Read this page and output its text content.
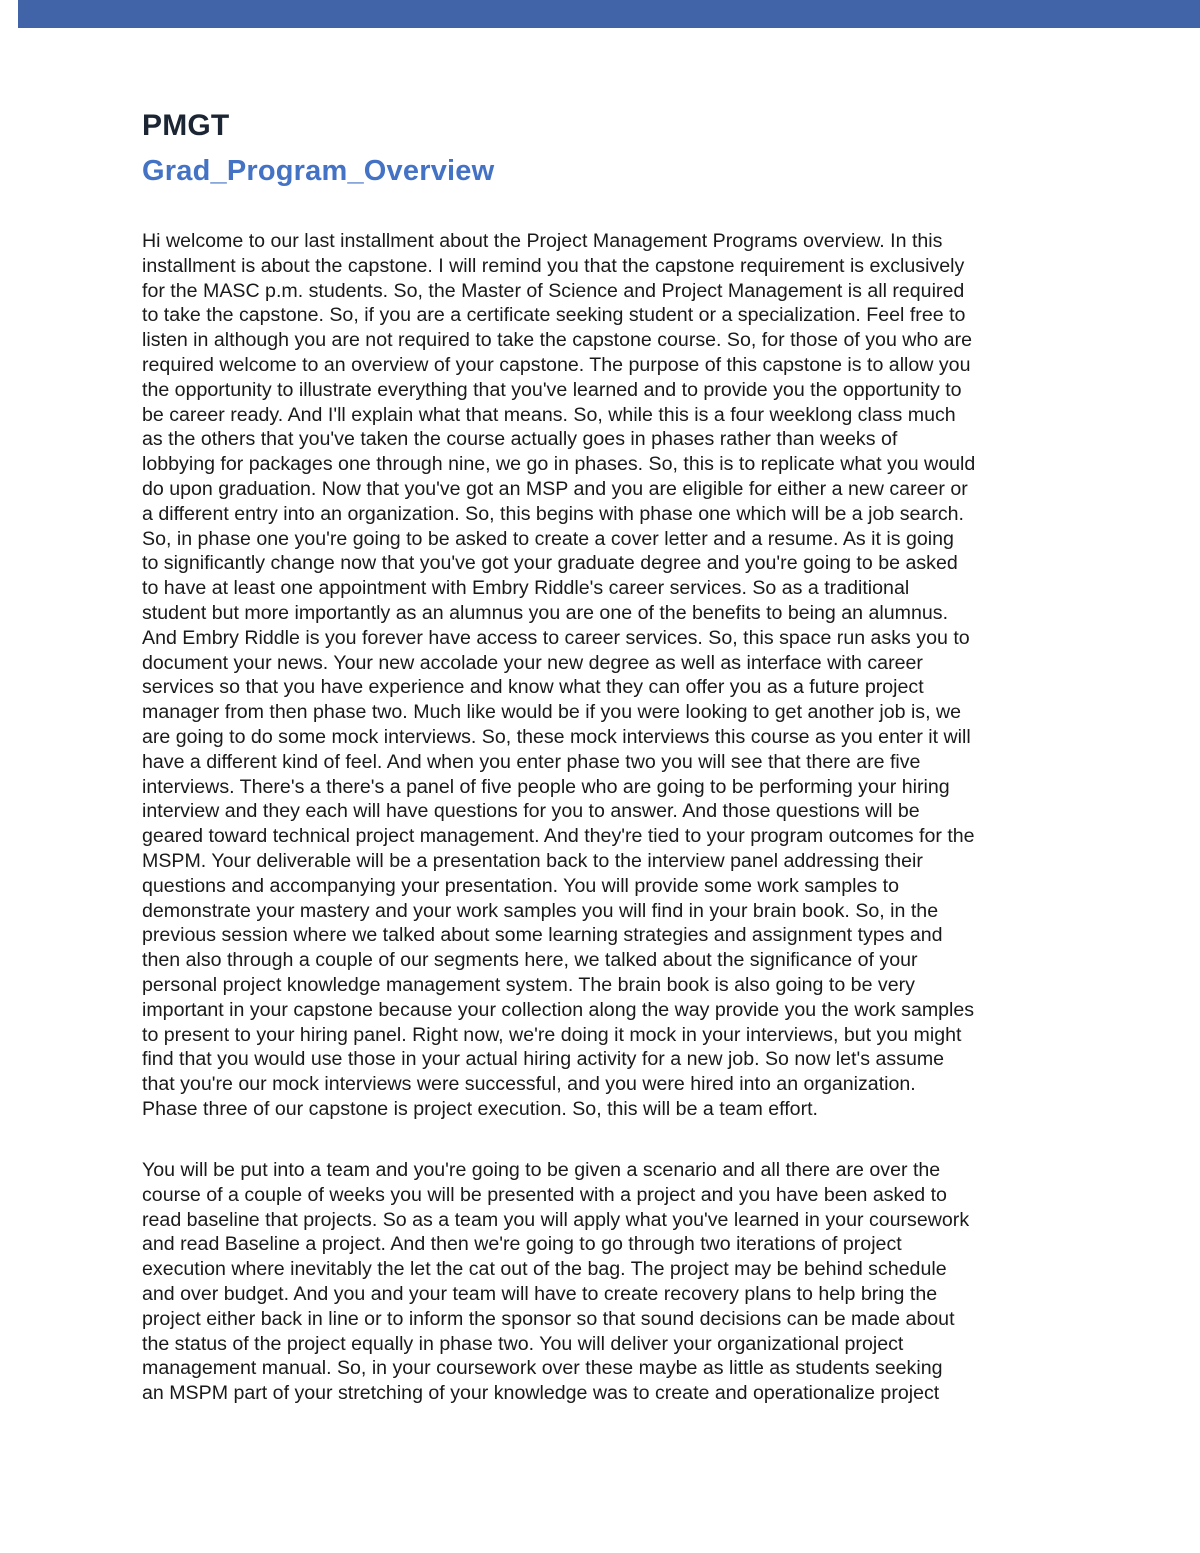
PMGT
Grad_Program_Overview

Hi welcome to our last installment about the Project Management Programs overview. In this
installment is about the capstone. I will remind you that the capstone requirement is exclusively
for the MASC p.m. students. So, the Master of Science and Project Management is all required
to take the capstone. So, if you are a certificate seeking student or a specialization. Feel free to
listen in although you are not required to take the capstone course. So, for those of you who are
required welcome to an overview of your capstone. The purpose of this capstone is to allow you
the opportunity to illustrate everything that you've learned and to provide you the opportunity to
be career ready. And I'll explain what that means. So, while this is a four weeklong class much
as the others that you've taken the course actually goes in phases rather than weeks of
lobbying for packages one through nine, we go in phases. So, this is to replicate what you would
do upon graduation. Now that you've got an MSP and you are eligible for either a new career or
a different entry into an organization. So, this begins with phase one which will be a job search.
So, in phase one you're going to be asked to create a cover letter and a resume. As it is going
to significantly change now that you've got your graduate degree and you're going to be asked
to have at least one appointment with Embry Riddle's career services. So as a traditional
student but more importantly as an alumnus you are one of the benefits to being an alumnus.
And Embry Riddle is you forever have access to career services. So, this space run asks you to
document your news. Your new accolade your new degree as well as interface with career
services so that you have experience and know what they can offer you as a future project
manager from then phase two. Much like would be if you were looking to get another job is, we
are going to do some mock interviews. So, these mock interviews this course as you enter it will
have a different kind of feel. And when you enter phase two you will see that there are five
interviews. There's a there's a panel of five people who are going to be performing your hiring
interview and they each will have questions for you to answer. And those questions will be
geared toward technical project management. And they're tied to your program outcomes for the
MSPM. Your deliverable will be a presentation back to the interview panel addressing their
questions and accompanying your presentation. You will provide some work samples to
demonstrate your mastery and your work samples you will find in your brain book. So, in the
previous session where we talked about some learning strategies and assignment types and
then also through a couple of our segments here, we talked about the significance of your
personal project knowledge management system. The brain book is also going to be very
important in your capstone because your collection along the way provide you the work samples
to present to your hiring panel. Right now, we're doing it mock in your interviews, but you might
find that you would use those in your actual hiring activity for a new job. So now let's assume
that you're our mock interviews were successful, and you were hired into an organization.
Phase three of our capstone is project execution. So, this will be a team effort.

You will be put into a team and you're going to be given a scenario and all there are over the
course of a couple of weeks you will be presented with a project and you have been asked to
read baseline that projects. So as a team you will apply what you've learned in your coursework
and read Baseline a project. And then we're going to go through two iterations of project
execution where inevitably the let the cat out of the bag. The project may be behind schedule
and over budget. And you and your team will have to create recovery plans to help bring the
project either back in line or to inform the sponsor so that sound decisions can be made about
the status of the project equally in phase two. You will deliver your organizational project
management manual. So, in your coursework over these maybe as little as students seeking
an MSPM part of your stretching of your knowledge was to create and operationalize project
